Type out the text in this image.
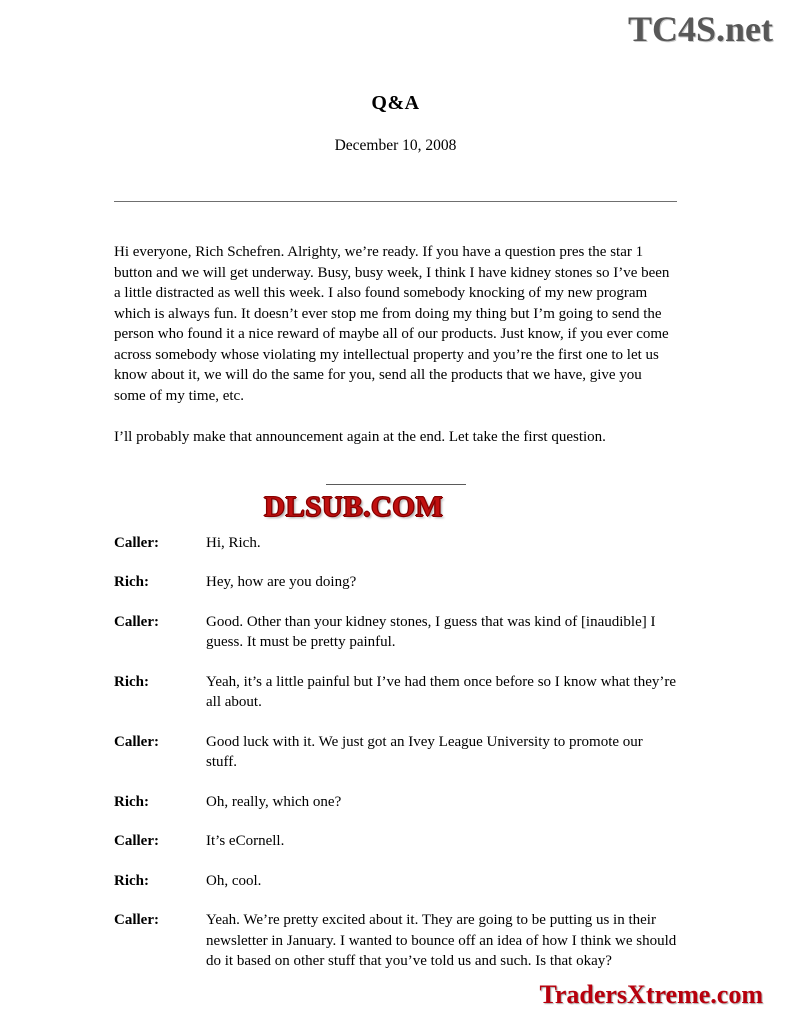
TC4S.net
Q&A
December 10, 2008

Hi everyone, Rich Schefren. Alrighty, we’re ready. If you have a question pres the star 1 button and we will get underway. Busy, busy week, I think I have kidney stones so I’ve been a little distracted as well this week. I also found somebody knocking of my new program which is always fun. It doesn’t ever stop me from doing my thing but I’m going to send the person who found it a nice reward of maybe all of our products. Just know, if you ever come across somebody whose violating my intellectual property and you’re the first one to let us know about it, we will do the same for you, send all the products that we have, give you some of my time, etc.

I’ll probably make that announcement again at the end. Let take the first question.

Caller:	Hi, Rich.
Rich:	Hey, how are you doing?
Caller:	Good. Other than your kidney stones, I guess that was kind of [inaudible] I guess. It must be pretty painful.
Rich:	Yeah, it’s a little painful but I’ve had them once before so I know what they’re all about.
Caller:	Good luck with it. We just got an Ivey League University to promote our stuff.
Rich:	Oh, really, which one?
Caller:	It’s eCornell.
Rich:	Oh, cool.
Caller:	Yeah. We’re pretty excited about it. They are going to be putting us in their newsletter in January. I wanted to bounce off an idea of how I think we should do it based on other stuff that you’ve told us and such. Is that okay?
DLSUB.COM
TradersXtreme.com
